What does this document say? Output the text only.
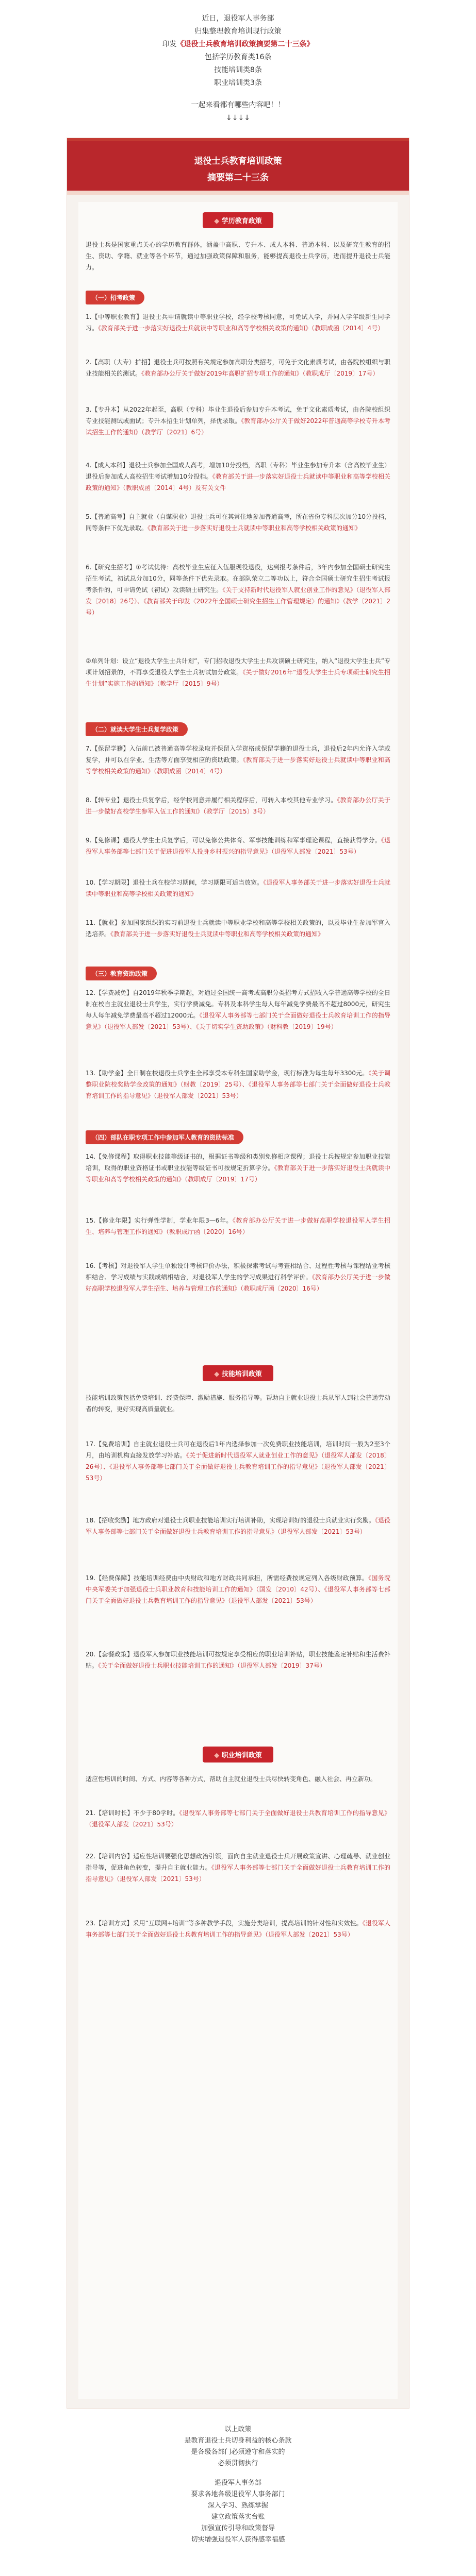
近日，退役军人事务部
归集整理教育培训现行政策
印发《退役士兵教育培训政策摘要第二十三条》
包括学历教育类16条
技能培训类8条
职业培训类3条
一起来看都有哪些内容吧！！
↓↓↓↓
退役士兵教育培训政策
摘要第二十三条
◆ 学历教育政策
退役士兵是国家重点关心的学历教育群体，涵盖中高职、专升本、成人本科、普通本科、以及研究生教育的招生、资助、学籍、就业等各个环节，通过加强政策保障和服务，能够提高退役士兵学历，进而提升退役士兵能力。
（一）招考政策
1.【中等职业教育】退役士兵申请就读中等职业学校，经学校考核同意，可免试入学，并同入学年级新生同学习。《教育部关于进一步落实好退役士兵就读中等职业和高等学校相关政策的通知》（教职成函〔2014〕4号）
2.【高职（大专）扩招】退役士兵可按照有关规定参加高职分类招考，可免于文化素质考试，由各院校组织与职业技能相关的测试。《教育部办公厅关于做好2019年高职扩招专项工作的通知》（教职成厅〔2019〕17号）
3.【专升本】从2022年起至，高职（专科）毕业生退役后参加专升本考试，免于文化素质考试，由各院校组织专业技能测试或面试；专升本招生计划单列，择优录取。《教育部办公厅关于做好2022年普通高等学校专升本考试招生工作的通知》（教学厅〔2021〕6号）
4.【成人本科】退役士兵参加全国成人高考，增加10分投档，高职（专科）毕业生参加专升本（含高校毕业生）退役后参加成人高校招生考试增加10分投档。《教育部关于进一步落实好退役士兵就读中等职业和高等学校相关政策的通知》（教职成函〔2014〕4号）及有关文件
5.【普通高考】自主就业（自谋职业）退役士兵可在其常住地参加普通高考，所在省份专科层次加分10分投档，同等条件下优先录取。《教育部关于进一步落实好退役士兵就读中等职业和高等学校相关政策的通知》
6.【研究生招考】①考试优待：高校毕业生应征入伍服现役退役，达到报考条件后，3年内参加全国硕士研究生招生考试，初试总分加10分，同等条件下优先录取。在部队荣立二等功以上，符合全国硕士研究生招生考试报考条件的，可申请免试（初试）攻读硕士研究生。《关于支持新时代退役军人就业创业工作的意见》（退役军人部发〔2018〕26号）、《教育部关于印发〈2022年全国硕士研究生招生工作管理规定〉的通知》（教学〔2021〕2号）
②单列计划：设立“退役大学生士兵计划”，专门招收退役大学生士兵攻读硕士研究生，纳入“退役大学生士兵”专项计划招录的，不再享受退役大学生士兵初试加分政策。《关于做好2016年“退役大学生士兵专项硕士研究生招生计划”实施工作的通知》（教学厅〔2015〕9号）
（二）就读大学生士兵复学政策
7.【保留学籍】入伍前已被普通高等学校录取并保留入学资格或保留学籍的退役士兵，退役后2年内允许入学或复学，并可以在学业、生活等方面享受相应的资助政策。《教育部关于进一步落实好退役士兵就读中等职业和高等学校相关政策的通知》（教职成函〔2014〕4号）
8.【转专业】退役士兵复学后，经学校同意并履行相关程序后，可转入本校其他专业学习。《教育部办公厅关于进一步做好高校学生参军入伍工作的通知》（教学厅〔2015〕3号）
9.【免修课】退役大学生士兵复学后，可以免修公共体育、军事技能训练和军事理论课程，直接获得学分。《退役军人事务部等七部门关于促进退役军人投身乡村振兴的指导意见》（退役军人部发〔2021〕53号）
10.【学习期限】退役士兵在校学习期间，学习期限可适当放宽。《退役军人事务部关于进一步落实好退役士兵就读中等职业和高等学校相关政策的通知》
11.【就业】参加国家组织的实习前退役士兵就读中等职业学校和高等学校相关政策的，以及毕业生参加军官入选培养。《教育部关于进一步落实好退役士兵就读中等职业和高等学校相关政策的通知》
（三）教育资助政策
12.【学费减免】自2019年秋季学期起，对通过全国统一高考或高职分类招考方式招收入学普通高等学校的全日制在校自主就业退役士兵学生，实行学费减免。专科及本科学生每人每年减免学费最高不超过8000元，研究生每人每年减免学费最高不超过12000元。《退役军人事务部等七部门关于全面做好退役士兵教育培训工作的指导意见》（退役军人部发〔2021〕53号）、《关于切实学生资助政策》（财科教〔2019〕19号）
13.【助学金】全日制在校退役士兵学生全部享受本专科生国家助学金，现行标准为每生每年3300元。《关于调整职业院校奖助学金政策的通知》（财教〔2019〕25号）、《退役军人事务部等七部门关于全面做好退役士兵教育培训工作的指导意见》（退役军人部发〔2021〕53号）
（四）部队在职专项工作中参加军人教育的资助标准
14.【免修课程】取得职业技能等级证书的，根据证书等级和类别免修相应课程；退役士兵按规定参加职业技能培训，取得的职业资格证书或职业技能等级证书可按规定折算学分。《教育部关于进一步落实好退役士兵就读中等职业和高等学校相关政策的通知》（教职成厅〔2019〕17号）
15.【修业年限】实行弹性学制，学业年限3—6年。《教育部办公厅关于进一步做好高职学校退役军人学生招生、培养与管理工作的通知》（教职成厅函〔2020〕16号）
16.【考核】对退役军人学生单独设计考核评价办法，积极探索考试与考查相结合、过程性考核与课程结业考核相结合、学习成绩与实践成绩相结合，对退役军人学生的学习成果进行科学评价。《教育部办公厅关于进一步做好高职学校退役军人学生招生、培养与管理工作的通知》（教职成厅函〔2020〕16号）
◆ 技能培训政策
技能培训政策包括免费培训、经费保障、激励措施、服务指导等。帮助自主就业退役士兵从军人到社会普通劳动者的转变，更好实现高质量就业。
17.【免费培训】自主就业退役士兵可在退役后1年内选择参加一次免费职业技能培训，培训时间一般为2至3个月，由培训机构直接发放学习补贴。《关于促进新时代退役军人就业创业工作的意见》（退役军人部发〔2018〕26号）、《退役军人事务部等七部门关于全面做好退役士兵教育培训工作的指导意见》（退役军人部发〔2021〕53号）
18.【招收奖励】地方政府对退役士兵职业技能培训实行培训补助，实现培训好的退役士兵就业实行奖励。《退役军人事务部等七部门关于全面做好退役士兵教育培训工作的指导意见》（退役军人部发〔2021〕53号）
19.【经费保障】技能培训经费由中央财政和地方财政共同承担，所需经费按规定列入各级财政预算。《国务院 中央军委关于加强退役士兵职业教育和技能培训工作的通知》（国发〔2010〕42号）、《退役军人事务部等七部门关于全面做好退役士兵教育培训工作的指导意见》（退役军人部发〔2021〕53号）
20.【套餐政策】退役军人参加职业技能培训可按规定享受相应的职业培训补贴，职业技能鉴定补贴和生活费补贴。《关于全面做好退役士兵职业技能培训工作的通知》（退役军人部发〔2019〕37号）
◆ 职业培训政策
适应性培训的时间、方式、内容等各种方式，帮助自主就业退役士兵尽快转变角色、融入社会、再立新功。
21.【培训时长】不少于80学时。《退役军人事务部等七部门关于全面做好退役士兵教育培训工作的指导意见》（退役军人部发〔2021〕53号）
22.【培训内容】适应性培训要强化思想政治引领，面向自主就业退役士兵开展政策宣讲、心理疏导、就业创业指导等，促进角色转变，提升自主就业能力。《退役军人事务部等七部门关于全面做好退役士兵教育培训工作的指导意见》（退役军人部发〔2021〕53号）
23.【培训方式】采用“互联网+培训”等多种教学手段，实施分类培训，提高培训的针对性和实效性。《退役军人事务部等七部门关于全面做好退役士兵教育培训工作的指导意见》（退役军人部发〔2021〕53号）
以上政策
是教育退役士兵切身利益的核心条款
是各级各部门必须遵守和落实的
必须贯彻执行
退役军人事务部
要求各地各级退役军人事务部门
深入学习、熟练掌握
建立政策落实台账
加强宣传引导和政策督导
切实增强退役军人获得感幸福感
